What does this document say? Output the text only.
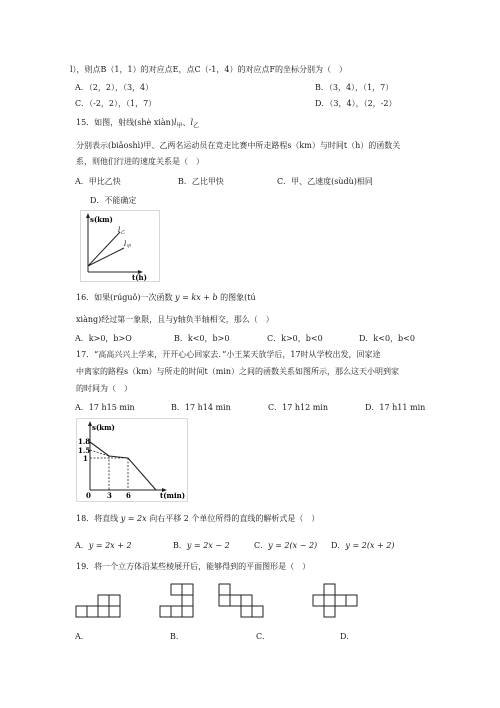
l），则点B（1，1）的对应点E，点C（-1，4）的对应点F的坐标分别为（　）
A．（2，2），（3，4）	B．（3，4），（1，7）
C．（-2，2），（1，7）	D．（3，4），（2，-2）
15．如图，射线(shè $xiàn)l_甲$、$l_乙$
分别表示(biǎoshì)甲、乙两名运动员在竞走比赛中所走路程s（km）与时间t（h）的函数关
系，则他们行进的速度关系是（　）
A．甲比乙快	B．乙比甲快	C．甲、乙速度(sùdù)相同
D．不能确定
s(km)
t(h)
$l_乙$
$l_甲$
16．如果(rúguǒ)一次函数 y = kx + b 的图象(tú
xiàng)经过第一象限，且与y轴负半轴相交，那么（　）
A．k>0，b>O	B．k<0，b>0	C．k>0，b<0	D．k<0，b<0
17．“高高兴兴上学来，开开心心回家去．”小王某天放学后，17时从学校出发，回家途
中离家的路程s（km）与所走的时间t（min）之间的函数关系如图所示，那么这天小明到家
的时间为（　）
A．17 h15 min	B．17 h14 min	C．17 h12 min	D．17 h11 min
s(km)
t(min)
1.8
1.5
1
0 3 6
18．将直线 y = 2x 向右平移 2 个单位所得的直线的解析式是（　）
A．y = 2x + 2	B．y = 2x − 2	C．y = 2(x − 2) D．y = 2(x + 2)
19．将一个立方体沿某些棱展开后，能够得到的平面图形是（　）
A．	B．	C．	D．
